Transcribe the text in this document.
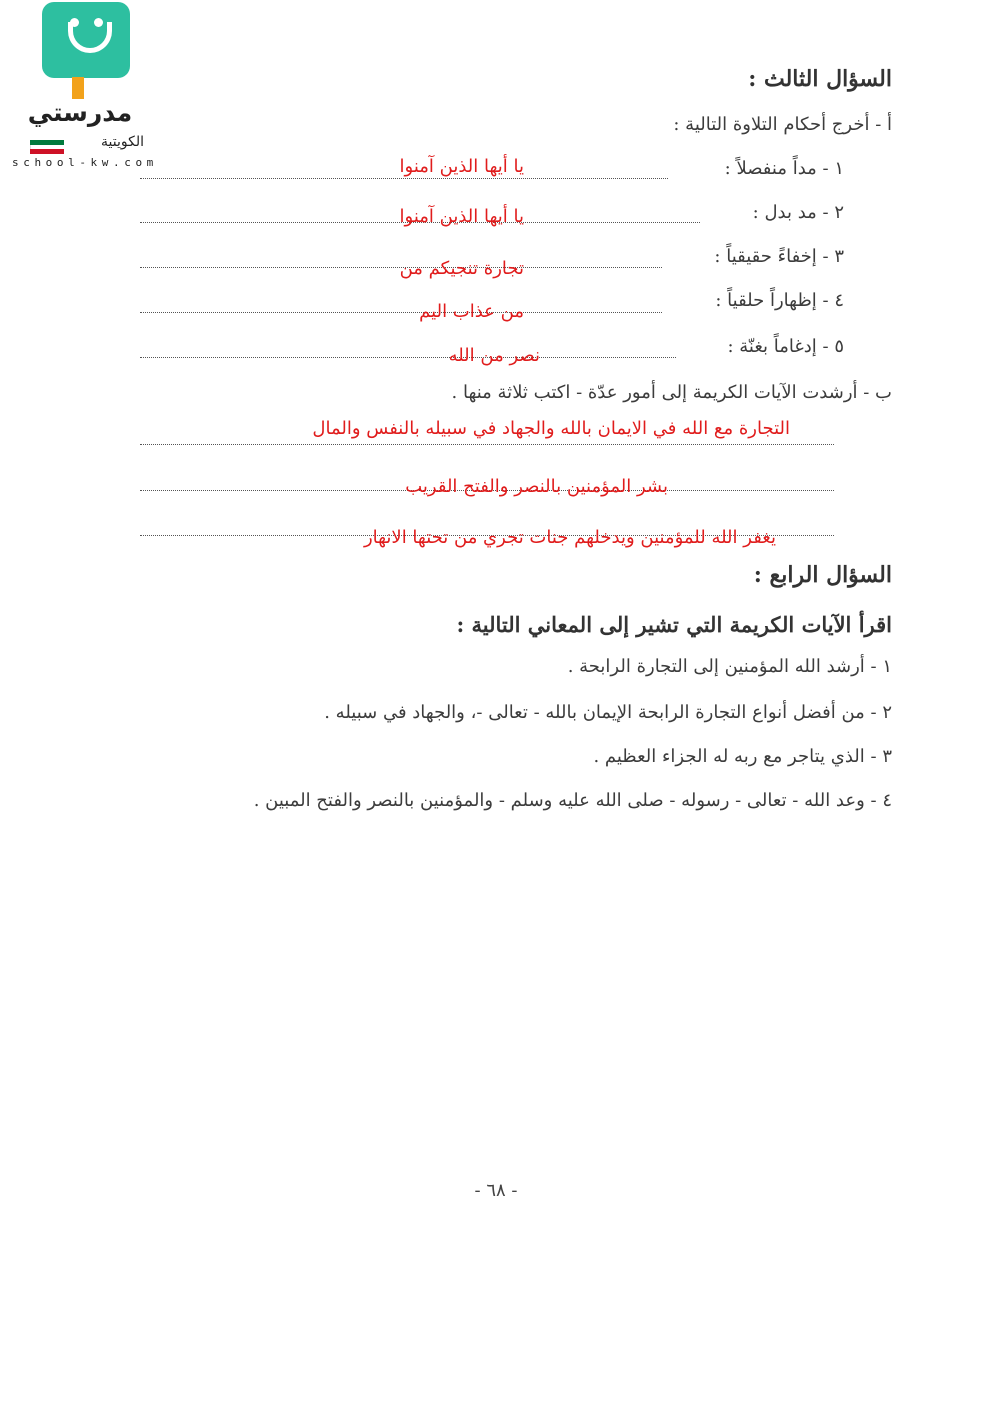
مدرستي
الكويتية
school-kw.com
السؤال الثالث :
أ - أخرج أحكام التلاوة التالية :
١ - مداً منفصلاً :
يا أيها الذين آمنوا
٢ - مد بدل :
يا أيها الذين آمنوا
٣ - إخفاءً حقيقياً :
تجارة تنجيكم من
٤ - إظهاراً حلقياً :
من عذاب اليم
٥ - إدغاماً بغنّة :
نصر من الله
ب - أرشدت الآيات الكريمة إلى أمور عدّة - اكتب ثلاثة منها .
التجارة مع الله في الايمان بالله والجهاد في سبيله بالنفس والمال
بشر المؤمنين بالنصر والفتح القريب
يغفر الله للمؤمنين ويدخلهم جنات تجري من تحتها الانهار
السؤال الرابع :
اقرأ الآيات الكريمة التي تشير إلى المعاني التالية :
١ - أرشد الله المؤمنين إلى التجارة الرابحة .
٢ - من أفضل أنواع التجارة الرابحة الإيمان بالله - تعالى -، والجهاد في سبيله .
٣ - الذي يتاجر مع ربه له الجزاء العظيم .
٤ - وعد الله - تعالى - رسوله - صلى الله عليه وسلم - والمؤمنين بالنصر والفتح المبين .
- ٦٨ -
